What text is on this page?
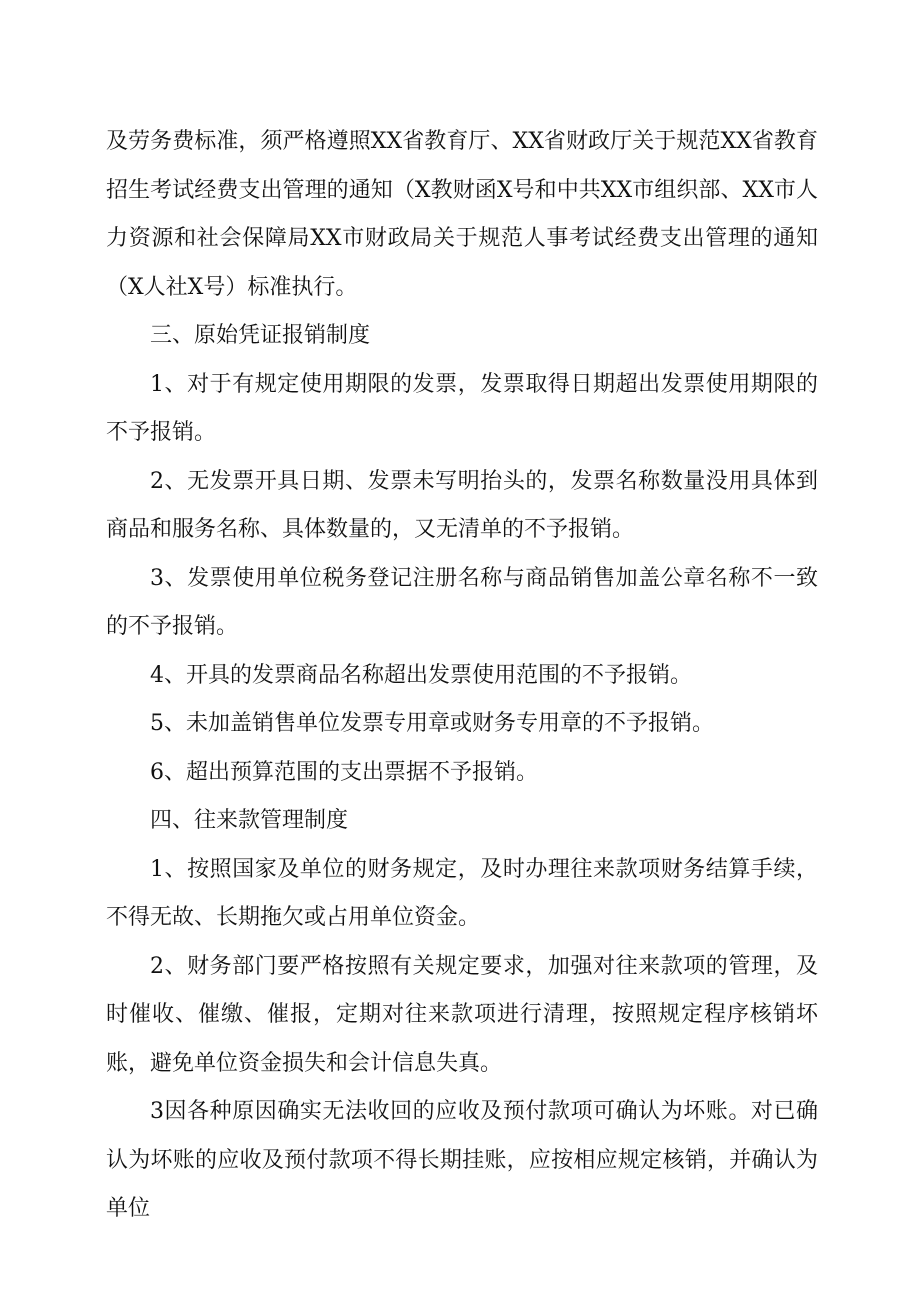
及劳务费标准，须严格遵照XX省教育厅、XX省财政厅关于规范XX省教育招生考试经费支出管理的通知（X教财函X号和中共XX市组织部、XX市人力资源和社会保障局XX市财政局关于规范人事考试经费支出管理的通知（X人社X号）标准执行。

三、原始凭证报销制度

1、对于有规定使用期限的发票，发票取得日期超出发票使用期限的不予报销。

2、无发票开具日期、发票未写明抬头的，发票名称数量没用具体到商品和服务名称、具体数量的，又无清单的不予报销。

3、发票使用单位税务登记注册名称与商品销售加盖公章名称不一致的不予报销。

4、开具的发票商品名称超出发票使用范围的不予报销。

5、未加盖销售单位发票专用章或财务专用章的不予报销。

6、超出预算范围的支出票据不予报销。

四、往来款管理制度

1、按照国家及单位的财务规定，及时办理往来款项财务结算手续，不得无故、长期拖欠或占用单位资金。

2、财务部门要严格按照有关规定要求，加强对往来款项的管理，及时催收、催缴、催报，定期对往来款项进行清理，按照规定程序核销坏账，避免单位资金损失和会计信息失真。

3因各种原因确实无法收回的应收及预付款项可确认为坏账。对已确认为坏账的应收及预付款项不得长期挂账，应按相应规定核销，并确认为单位
